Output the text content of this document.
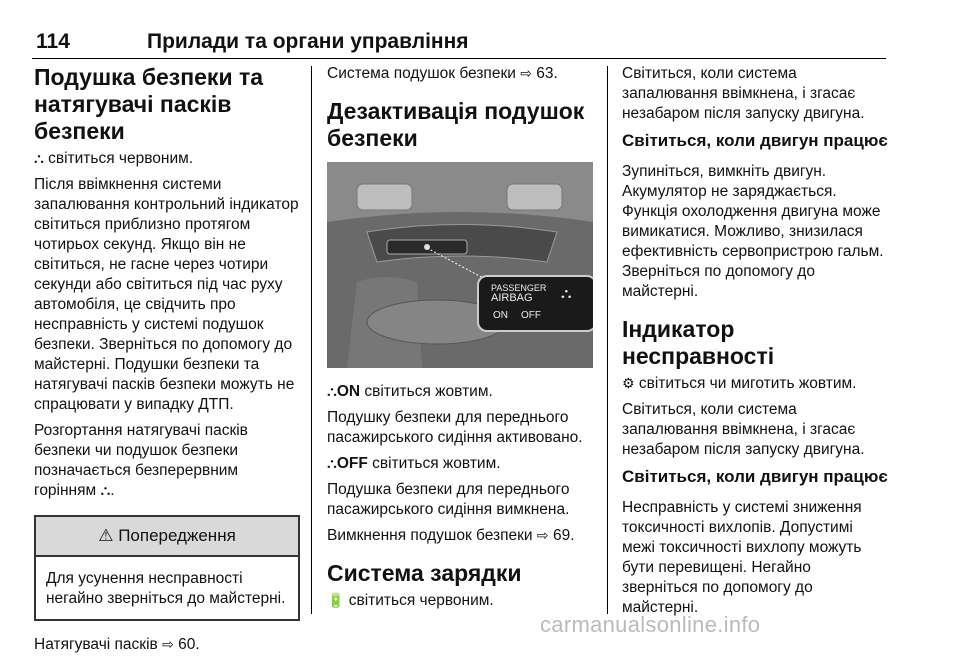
114	Прилади та органи управління
Подушка безпеки та натягувачі пасків безпеки

⛬ світиться червоним.

Після ввімкнення системи запалювання контрольний індикатор світиться приблизно протягом чотирьох секунд. Якщо він не світиться, не гасне через чотири секунди або світиться під час руху автомобіля, це свідчить про несправність у системі подушок безпеки. Зверніться по допомогу до майстерні. Подушки безпеки та натягувачі пасків безпеки можуть не спрацювати у випадку ДТП.

Розгортання натягувачі пасків безпеки чи подушок безпеки позначається безперервним горінням ⛬.

⚠ Попередження
Для усунення несправності негайно зверніться до майстерні.

Натягувачі пасків ⇨ 60.

Система подушок безпеки ⇨ 63.

Дезактивація подушок безпеки
PASSENGER
AIRBAG	⛬
ON OFF

⛬ON світиться жовтим.

Подушку безпеки для переднього пасажирського сидіння активовано.

⛬OFF світиться жовтим.

Подушка безпеки для переднього пасажирського сидіння вимкнена.

Вимкнення подушок безпеки ⇨ 69.

Система зарядки

🔋 світиться червоним.

Світиться, коли система запалювання ввімкнена, і згасає незабаром після запуску двигуна.

Світиться, коли двигун працює

Зупиніться, вимкніть двигун. Акумулятор не заряджається. Функція охолодження двигуна може вимикатися. Можливо, знизилася ефективність сервопристрою гальм. Зверніться по допомогу до майстерні.

Індикатор несправності

⚙ світиться чи миготить жовтим.

Світиться, коли система запалювання ввімкнена, і згасає незабаром після запуску двигуна.

Світиться, коли двигун працює

Несправність у системі зниження токсичності вихлопів. Допустимі межі токсичності вихлопу можуть бути перевищені. Негайно зверніться по допомогу до майстерні.

carmanualsonline.info
